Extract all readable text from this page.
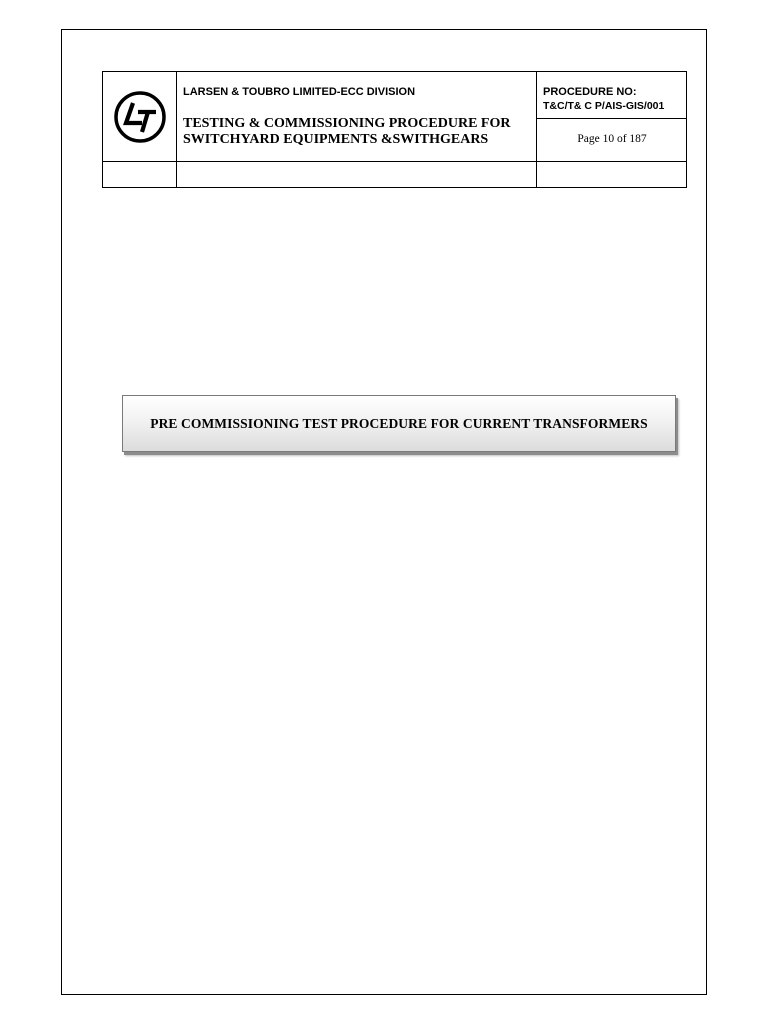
LARSEN & TOUBRO LIMITED-ECC DIVISION
TESTING & COMMISSIONING PROCEDURE FOR
SWITCHYARD EQUIPMENTS &SWITHGEARS
PROCEDURE NO:
T&C/T& C P/AIS-GIS/001
Page 10 of 187
PRE COMMISSIONING TEST PROCEDURE FOR CURRENT TRANSFORMERS
